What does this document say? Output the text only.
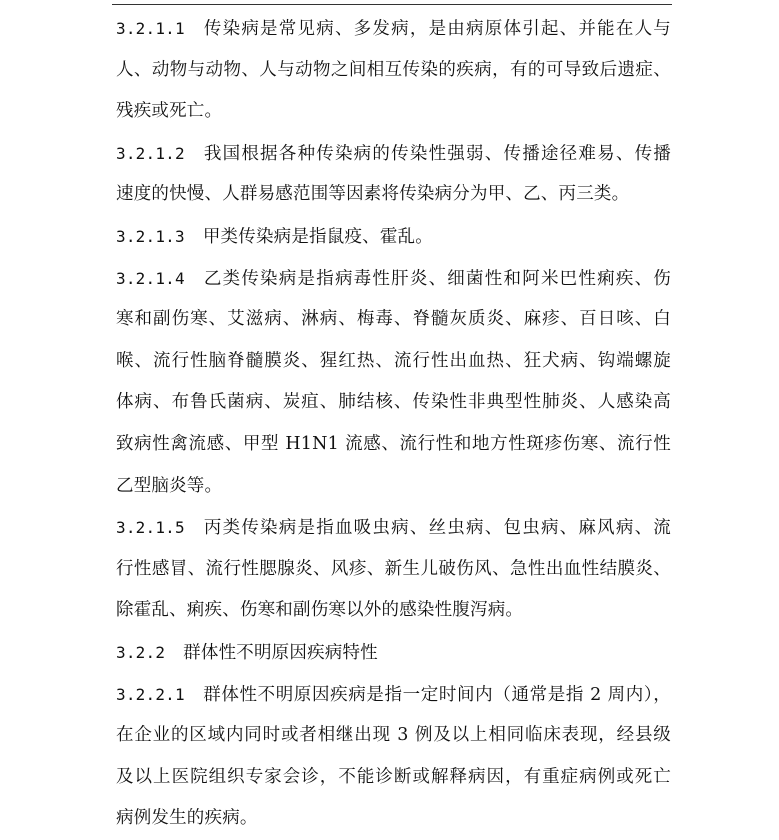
3.2.1.1 传染病是常见病、多发病，是由病原体引起、并能在人与
人、动物与动物、人与动物之间相互传染的疾病，有的可导致后遗症、
残疾或死亡。
3.2.1.2 我国根据各种传染病的传染性强弱、传播途径难易、传播
速度的快慢、人群易感范围等因素将传染病分为甲、乙、丙三类。
3.2.1.3 甲类传染病是指鼠疫、霍乱。
3.2.1.4 乙类传染病是指病毒性肝炎、细菌性和阿米巴性痢疾、伤
寒和副伤寒、艾滋病、淋病、梅毒、脊髓灰质炎、麻疹、百日咳、白
喉、流行性脑脊髓膜炎、猩红热、流行性出血热、狂犬病、钩端螺旋
体病、布鲁氏菌病、炭疽、肺结核、传染性非典型性肺炎、人感染高
致病性禽流感、甲型 H1N1 流感、流行性和地方性斑疹伤寒、流行性
乙型脑炎等。
3.2.1.5 丙类传染病是指血吸虫病、丝虫病、包虫病、麻风病、流
行性感冒、流行性腮腺炎、风疹、新生儿破伤风、急性出血性结膜炎、
除霍乱、痢疾、伤寒和副伤寒以外的感染性腹泻病。
3.2.2 群体性不明原因疾病特性
3.2.2.1 群体性不明原因疾病是指一定时间内（通常是指 2 周内），
在企业的区域内同时或者相继出现 3 例及以上相同临床表现，经县级
及以上医院组织专家会诊，不能诊断或解释病因，有重症病例或死亡
病例发生的疾病。
